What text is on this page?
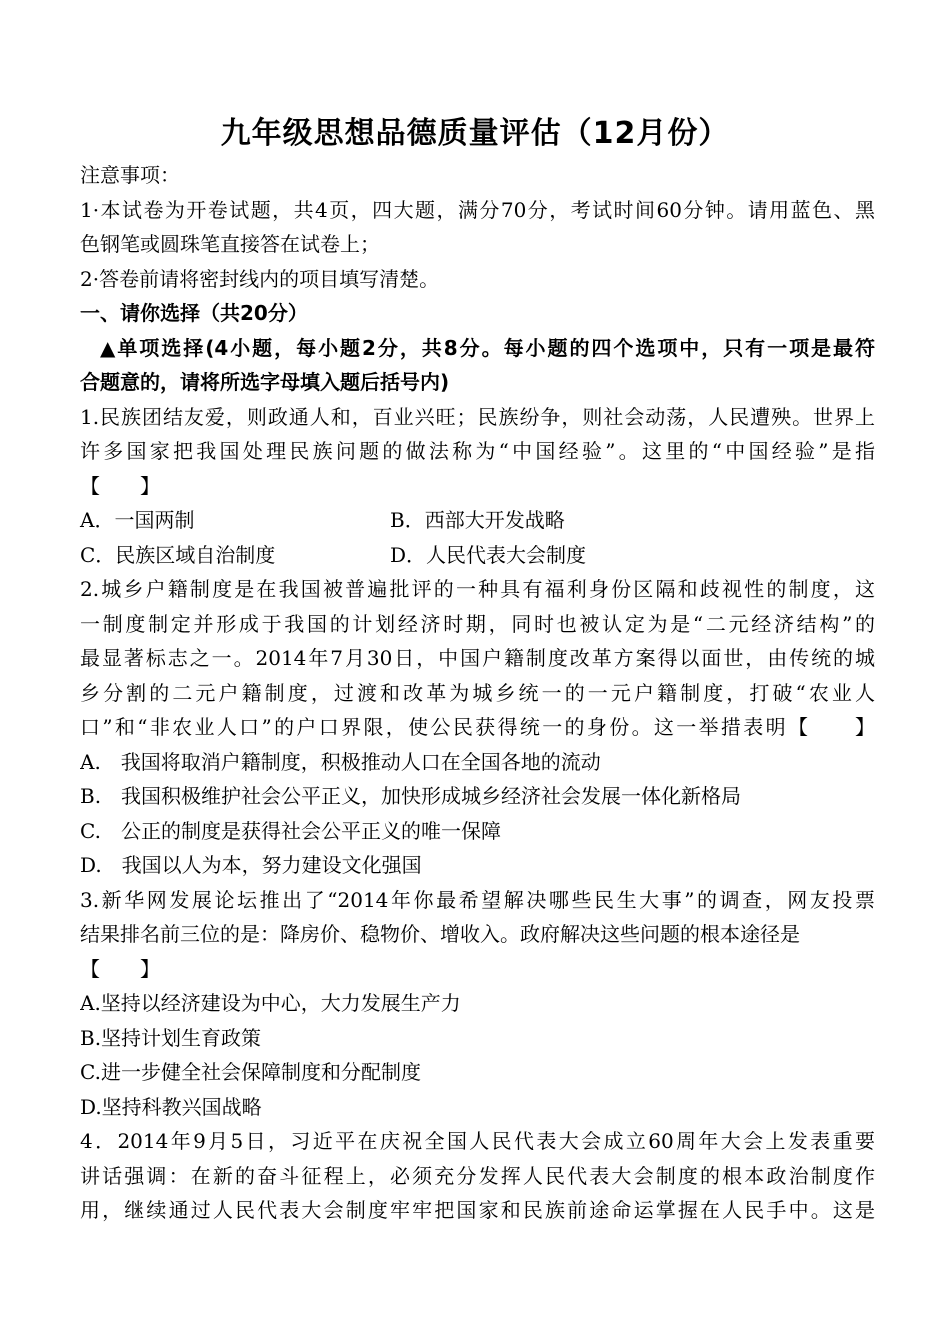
九年级思想品德质量评估（12月份）
注意事项：
1·本试卷为开卷试题，共4页，四大题，满分70分，考试时间60分钟。请用蓝色、黑
色钢笔或圆珠笔直接答在试卷上；
2·答卷前请将密封线内的项目填写清楚。
一、请你选择（共20分）
▲单项选择(4小题，每小题2分，共8分。每小题的四个选项中，只有一项是最符
合题意的，请将所选字母填入题后括号内)
1.民族团结友爱，则政通人和，百业兴旺；民族纷争，则社会动荡，人民遭殃。世界上
许多国家把我国处理民族问题的做法称为“中国经验”。这里的“中国经验”是指
【　　】
A．一国两制	B．西部大开发战略
C．民族区域自治制度	D．人民代表大会制度
2.城乡户籍制度是在我国被普遍批评的一种具有福利身份区隔和歧视性的制度，这
一制度制定并形成于我国的计划经济时期，同时也被认定为是“二元经济结构”的
最显著标志之一。2014年7月30日，中国户籍制度改革方案得以面世，由传统的城
乡分割的二元户籍制度，过渡和改革为城乡统一的一元户籍制度，打破“农业人
口”和“非农业人口”的户口界限，使公民获得统一的身份。这一举措表明【　　】
A.　我国将取消户籍制度，积极推动人口在全国各地的流动
B.　我国积极维护社会公平正义，加快形成城乡经济社会发展一体化新格局
C.　公正的制度是获得社会公平正义的唯一保障
D.　我国以人为本，努力建设文化强国
3.新华网发展论坛推出了“2014年你最希望解决哪些民生大事”的调查，网友投票
结果排名前三位的是：降房价、稳物价、增收入。政府解决这些问题的根本途径是
【　　】
A.坚持以经济建设为中心，大力发展生产力
B.坚持计划生育政策
C.进一步健全社会保障制度和分配制度
D.坚持科教兴国战略
4．2014年9月5日，习近平在庆祝全国人民代表大会成立60周年大会上发表重要
讲话强调：在新的奋斗征程上，必须充分发挥人民代表大会制度的根本政治制度作
用，继续通过人民代表大会制度牢牢把国家和民族前途命运掌握在人民手中。这是
